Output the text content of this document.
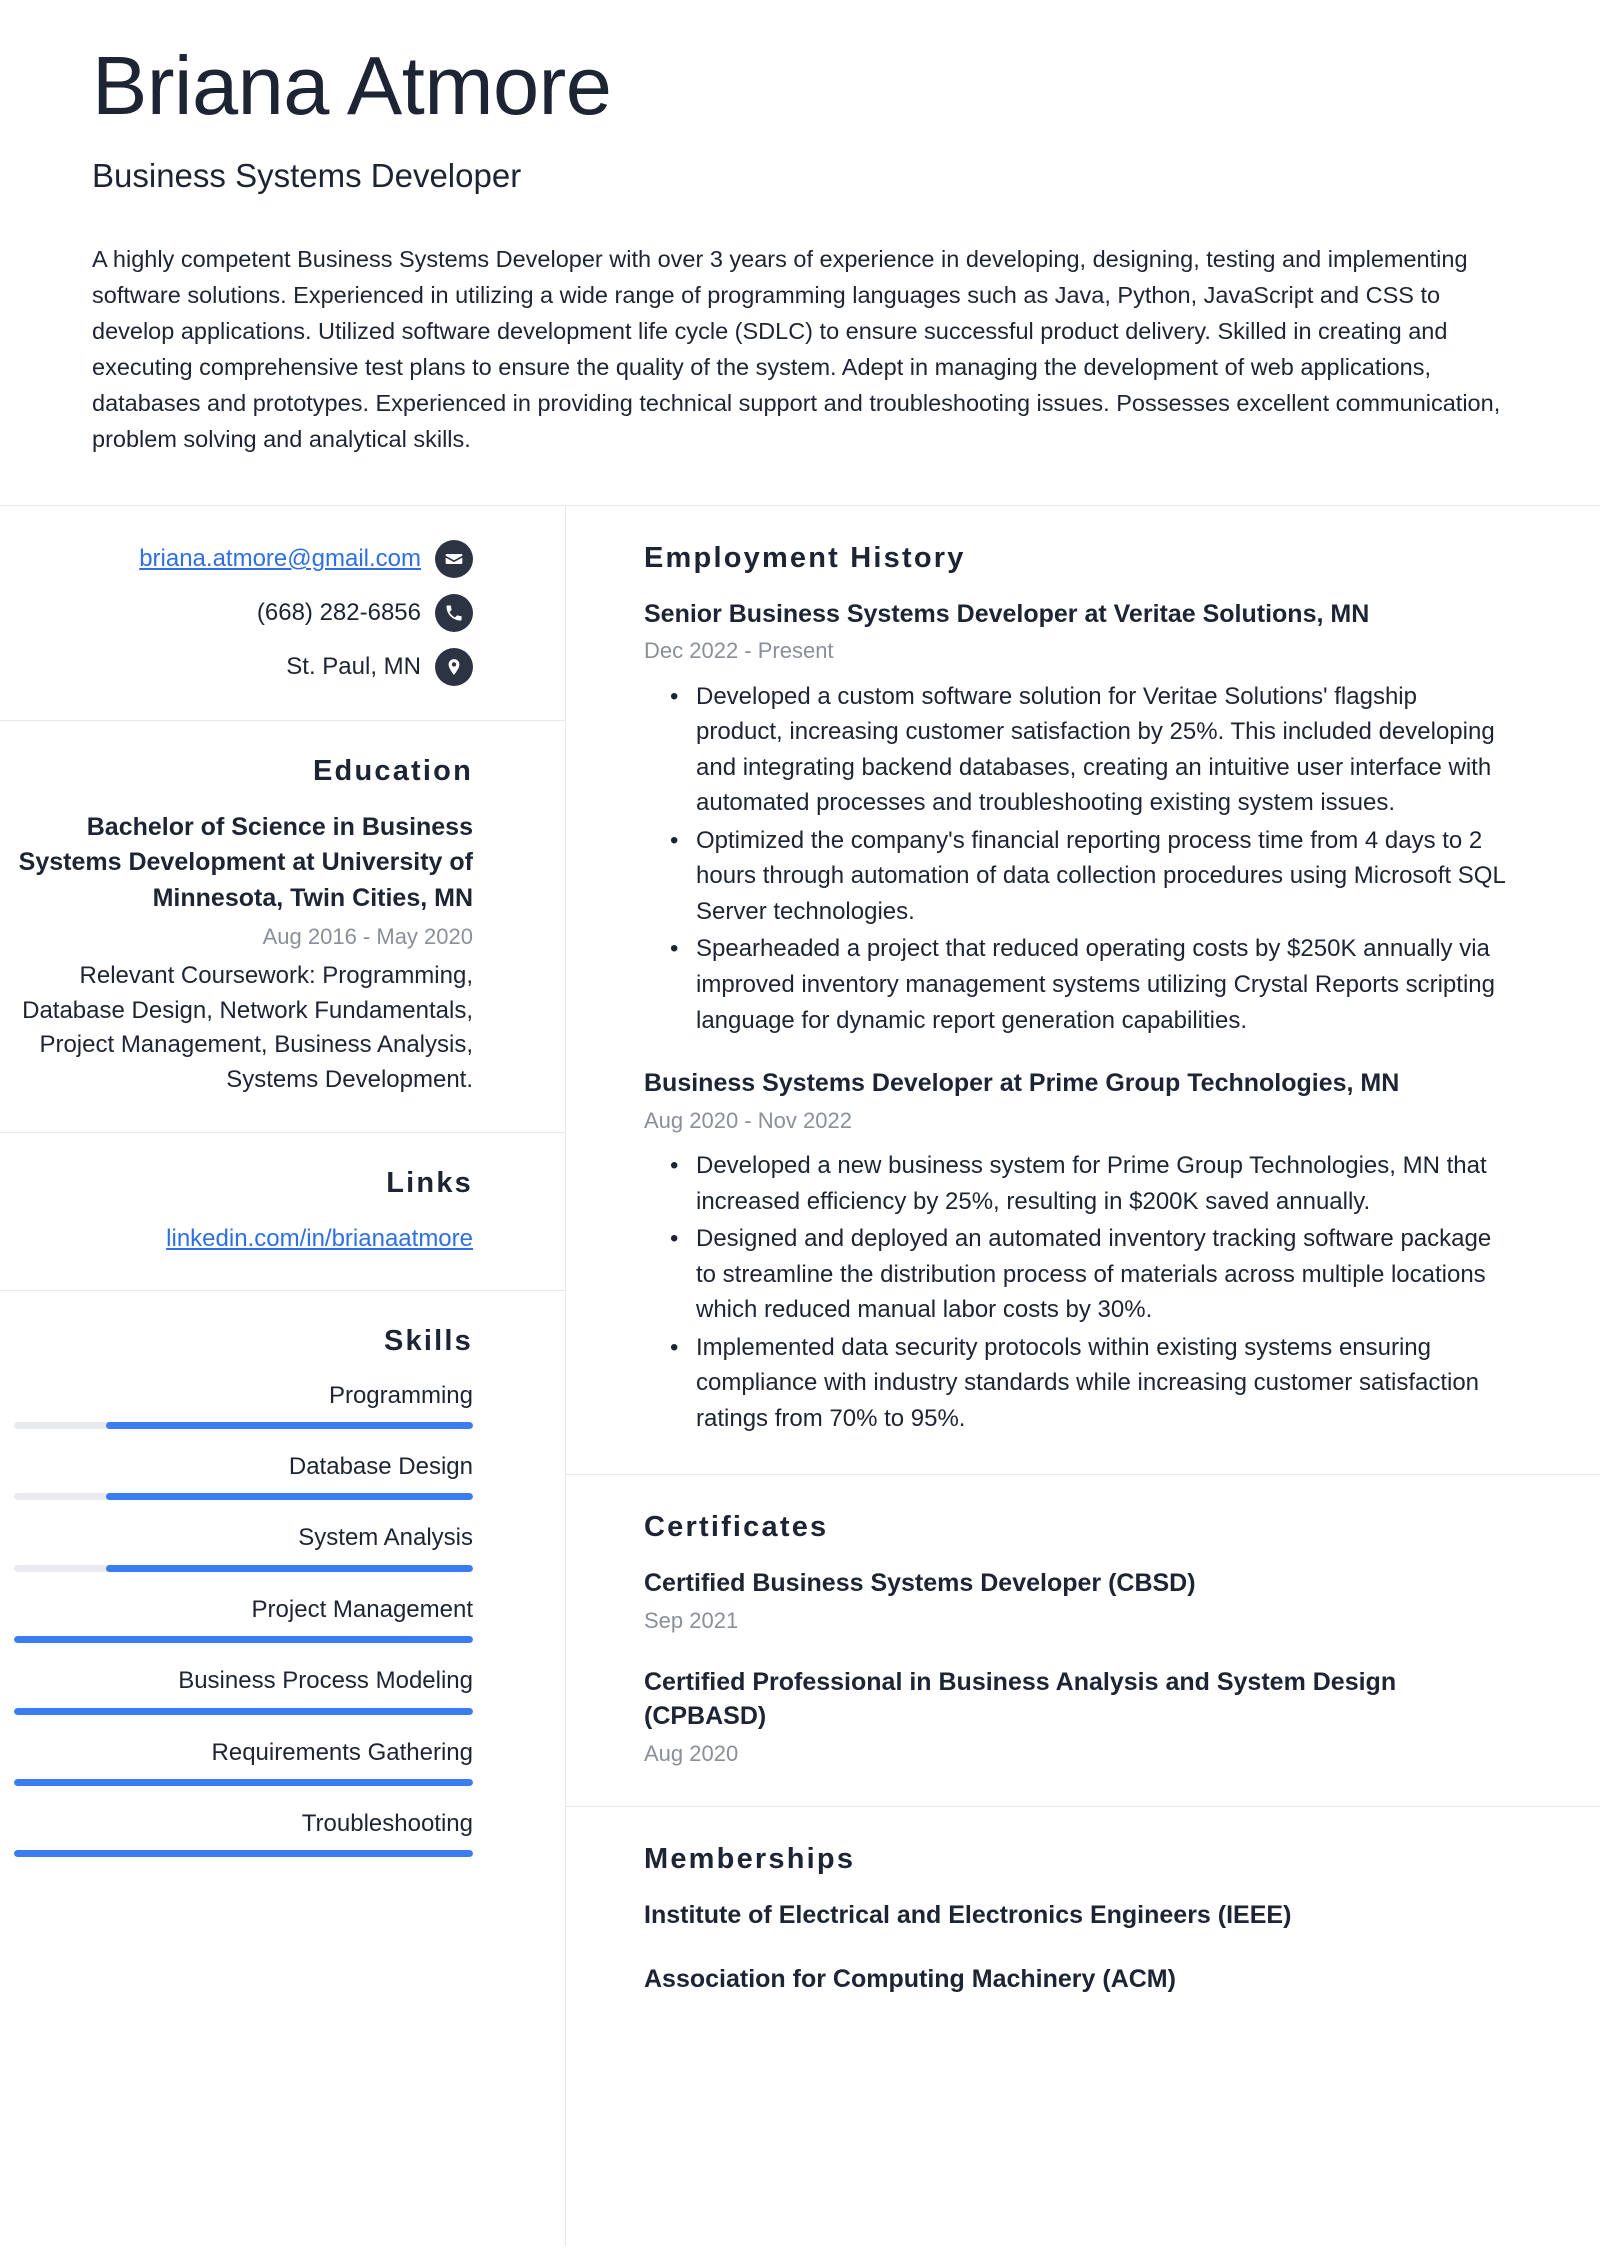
Briana Atmore
Business Systems Developer

A highly competent Business Systems Developer with over 3 years of experience in developing, designing, testing and implementing software solutions. Experienced in utilizing a wide range of programming languages such as Java, Python, JavaScript and CSS to develop applications. Utilized software development life cycle (SDLC) to ensure successful product delivery. Skilled in creating and executing comprehensive test plans to ensure the quality of the system. Adept in managing the development of web applications, databases and prototypes. Experienced in providing technical support and troubleshooting issues. Possesses excellent communication, problem solving and analytical skills.

briana.atmore@gmail.com
(668) 282-6856
St. Paul, MN
Education
Bachelor of Science in Business Systems Development at University of Minnesota, Twin Cities, MN
Aug 2016 - May 2020
Relevant Coursework: Programming, Database Design, Network Fundamentals, Project Management, Business Analysis, Systems Development.
Links
linkedin.com/in/brianaatmore
Skills
Programming
Database Design
System Analysis
Project Management
Business Process Modeling
Requirements Gathering
Troubleshooting
Employment History
Senior Business Systems Developer at Veritae Solutions, MN
Dec 2022 - Present
• Developed a custom software solution for Veritae Solutions' flagship product, increasing customer satisfaction by 25%. This included developing and integrating backend databases, creating an intuitive user interface with automated processes and troubleshooting existing system issues.
• Optimized the company's financial reporting process time from 4 days to 2 hours through automation of data collection procedures using Microsoft SQL Server technologies.
• Spearheaded a project that reduced operating costs by $250K annually via improved inventory management systems utilizing Crystal Reports scripting language for dynamic report generation capabilities.
Business Systems Developer at Prime Group Technologies, MN
Aug 2020 - Nov 2022
• Developed a new business system for Prime Group Technologies, MN that increased efficiency by 25%, resulting in $200K saved annually.
• Designed and deployed an automated inventory tracking software package to streamline the distribution process of materials across multiple locations which reduced manual labor costs by 30%.
• Implemented data security protocols within existing systems ensuring compliance with industry standards while increasing customer satisfaction ratings from 70% to 95%.
Certificates
Certified Business Systems Developer (CBSD)
Sep 2021
Certified Professional in Business Analysis and System Design (CPBASD)
Aug 2020
Memberships
Institute of Electrical and Electronics Engineers (IEEE)
Association for Computing Machinery (ACM)
